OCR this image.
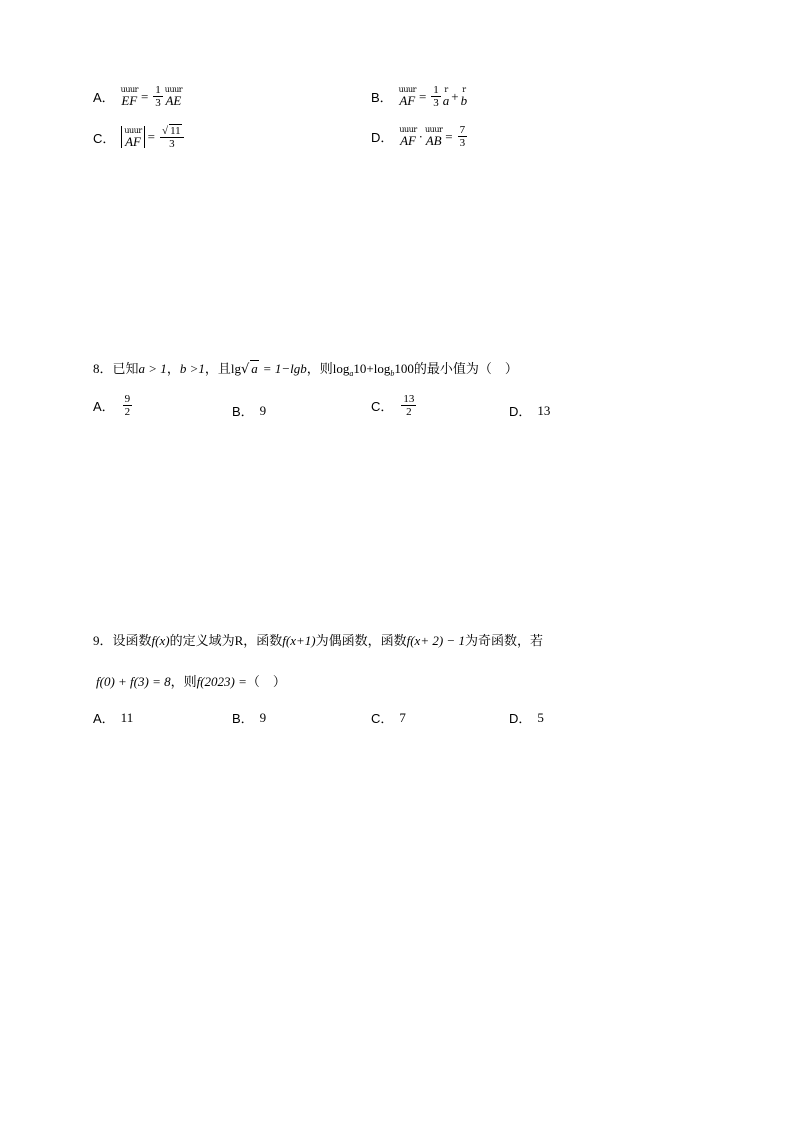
A．
uuur
EF = $\frac{1}{3}$ uuur
AE	B．
uuur
AF = $\frac{1}{3}$ r
a + r
b
C． uuur
AF = $\frac{√ 11}{3}$	D．
uuur
AF · uuur
AB = $\frac{7}{3}$
8．已知a > 1，b >1，且lg√ a = 1−lgb，则$\log_a10+\log_b100$的最小值为（　）
A． $\frac{9}{2}$	B． 9	C． $\frac{13}{2}$	D． 13
9．设函数f(x)的定义域为R，函数f(x+1)为偶函数，函数f(x+ 2) − 1为奇函数，若
f(0) + f(3) = 8，则f(2023) =（　）
A． 11	B． 9	C． 7	D． 5
